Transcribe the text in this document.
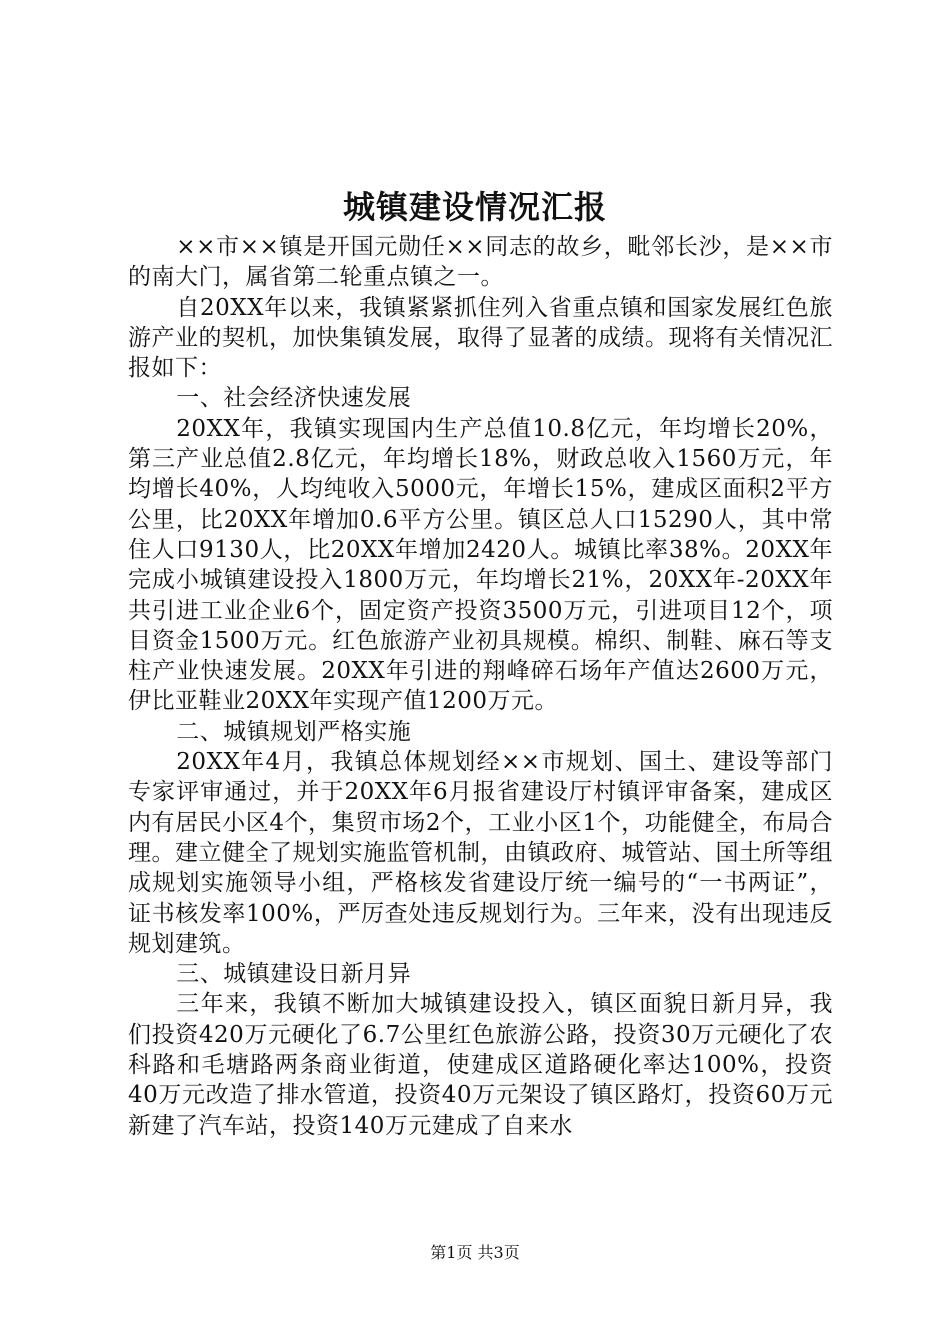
城镇建设情况汇报

××市××镇是开国元勋任××同志的故乡，毗邻长沙，是××市的南大门，属省第二轮重点镇之一。

自20XX年以来，我镇紧紧抓住列入省重点镇和国家发展红色旅游产业的契机，加快集镇发展，取得了显著的成绩。现将有关情况汇报如下：

一、社会经济快速发展

20XX年，我镇实现国内生产总值10.8亿元，年均增长20%，第三产业总值2.8亿元，年均增长18%，财政总收入1560万元，年均增长40%，人均纯收入5000元，年增长15%，建成区面积2平方公里，比20XX年增加0.6平方公里。镇区总人口15290人，其中常住人口9130人，比20XX年增加2420人。城镇比率38%。20XX年完成小城镇建设投入1800万元，年均增长21%，20XX年-20XX年共引进工业企业6个，固定资产投资3500万元，引进项目12个，项目资金1500万元。红色旅游产业初具规模。棉织、制鞋、麻石等支柱产业快速发展。20XX年引进的翔峰碎石场年产值达2600万元，伊比亚鞋业20XX年实现产值1200万元。

二、城镇规划严格实施

20XX年4月，我镇总体规划经××市规划、国土、建设等部门专家评审通过，并于20XX年6月报省建设厅村镇评审备案，建成区内有居民小区4个，集贸市场2个，工业小区1个，功能健全，布局合理。建立健全了规划实施监管机制，由镇政府、城管站、国土所等组成规划实施领导小组，严格核发省建设厅统一编号的“一书两证”，证书核发率100%，严厉查处违反规划行为。三年来，没有出现违反规划建筑。

三、城镇建设日新月异

三年来，我镇不断加大城镇建设投入，镇区面貌日新月异，我们投资420万元硬化了6.7公里红色旅游公路，投资30万元硬化了农科路和毛塘路两条商业街道，使建成区道路硬化率达100%，投资40万元改造了排水管道，投资40万元架设了镇区路灯，投资60万元新建了汽车站，投资140万元建成了自来水

第1页 共3页
